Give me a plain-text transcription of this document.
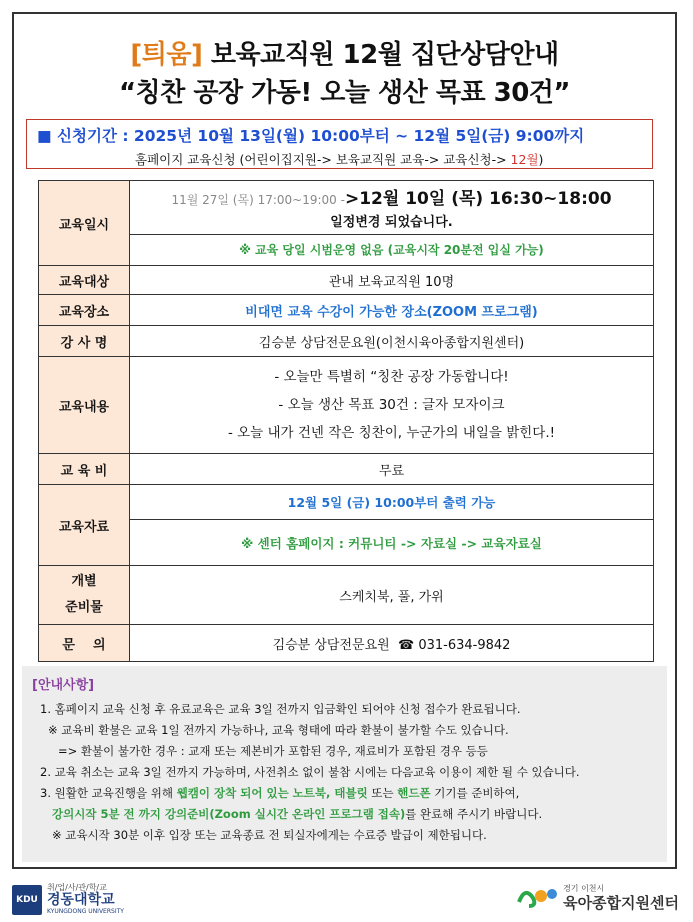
[틔움] 보육교직원 12월 집단상담안내
“칭찬 공장 가동! 오늘 생산 목표 30건”
■ 신청기간 : 2025년 10월 13일(월) 10:00부터 ~ 12월 5일(금) 9:00까지
홈페이지 교육신청 (어린이집지원-> 보육교직원 교육-> 교육신청-> 12월)
교육일시	11월 27일 (목) 17:00~19:00 ->12월 10일 (목) 16:30~18:00
일정변경 되었습니다.

	※ 교육 당일 시범운영 없음 (교육시작 20분전 입실 가능)
교육대상	관내 보육교직원 10명
교육장소	비대면 교육 수강이 가능한 장소(ZOOM 프로그램)
강 사 명	김승분 상담전문요원(이천시육아종합지원센터)
교육내용	- 오늘만 특별히 “칭찬 공장 가동합니다!
- 오늘 생산 목표 30건 : 글자 모자이크
- 오늘 내가 건넨 작은 칭찬이, 누군가의 내일을 밝힌다.!

교 육 비	무료
교육자료	12월 5일 (금) 10:00부터 출력 가능
	※ 센터 홈페이지 : 커뮤니티 -> 자료실 -> 교육자료실

개별
준비물	스케치북, 풀, 가위
문    의	김승분 상담전문요원 ☎ 031-634-9842
[안내사항]
1. 홈페이지 교육 신청 후 유료교육은 교육 3일 전까지 입금확인 되어야 신청 접수가 완료됩니다.
※ 교육비 환불은 교육 1일 전까지 가능하나, 교육 형태에 따라 환불이 불가할 수도 있습니다.
=> 환불이 불가한 경우 : 교재 또는 제본비가 포함된 경우, 재료비가 포함된 경우 등등
2. 교육 취소는 교육 3일 전까지 가능하며, 사전취소 없이 불참 시에는 다음교육 이용이 제한 될 수 있습니다.
3. 원활한 교육진행을 위해 웹캠이 장착 되어 있는 노트북, 태블릿 또는 핸드폰 기기를 준비하여,
강의시작 5분 전 까지 강의준비(Zoom 실시간 온라인 프로그램 접속)를 완료해 주시기 바랍니다.
※ 교육시작 30분 이후 입장 또는 교육종료 전 퇴실자에게는 수료증 발급이 제한됩니다.
KDU
취/업/사/관/학/교
경동대학교
KYUNGDONG UNIVERSITY
경기 이천시
육아종합지원센터
